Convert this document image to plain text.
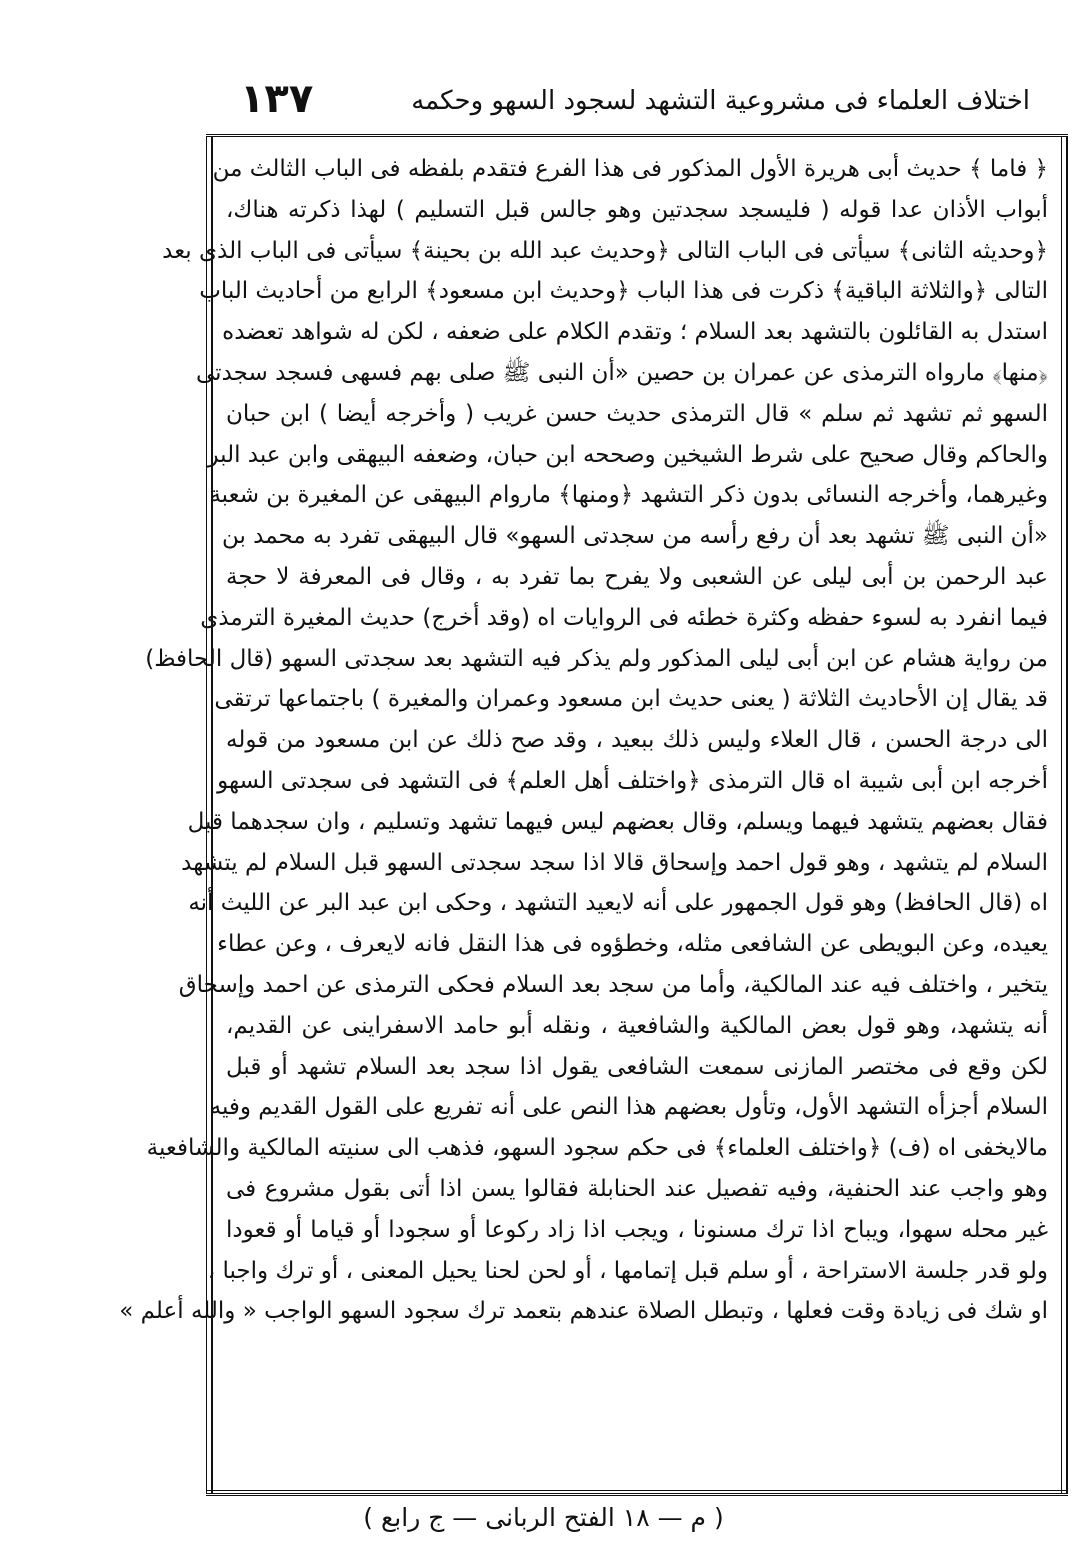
اختلاف العلماء فى مشروعية التشهد لسجود السهو وحكمه
١٣٧
﴿ فاما ﴾ حديث أبى هريرة الأول المذكور فى هذا الفرع فتقدم بلفظه فى الباب الثالث من
أبواب الأذان عدا قوله ( فليسجد سجدتين وهو جالس قبل التسليم ) لهذا ذكرته هناك،
﴿وحديثه الثانى﴾ سيأتى فى الباب التالى ﴿وحديث عبد الله بن بحينة﴾ سيأتى فى الباب الذى بعد
التالى ﴿والثلاثة الباقية﴾ ذكرت فى هذا الباب ﴿وحديث ابن مسعود﴾ الرابع من أحاديث الباب
استدل به القائلون بالتشهد بعد السلام ؛ وتقدم الكلام على ضعفه ، لكن له شواهد تعضده
﴿منها﴾ مارواه الترمذى عن عمران بن حصين «أن النبى ﷺ صلى بهم فسهى فسجد سجدتى
السهو ثم تشهد ثم سلم » قال الترمذى حديث حسن غريب ( وأخرجه أيضا ) ابن حبان
والحاكم وقال صحيح على شرط الشيخين وصححه ابن حبان، وضعفه البيهقى وابن عبد البر
وغيرهما، وأخرجه النسائى بدون ذكر التشهد ﴿ومنها﴾ ماروام البيهقى عن المغيرة بن شعبة
«أن النبى ﷺ تشهد بعد أن رفع رأسه من سجدتى السهو» قال البيهقى تفرد به محمد بن
عبد الرحمن بن أبى ليلى عن الشعبى ولا يفرح بما تفرد به ، وقال فى المعرفة لا حجة
فيما انفرد به لسوء حفظه وكثرة خطئه فى الروايات اه (وقد أخرج) حديث المغيرة الترمذى
من رواية هشام عن ابن أبى ليلى المذكور ولم يذكر فيه التشهد بعد سجدتى السهو (قال الحافظ)
قد يقال إن الأحاديث الثلاثة ( يعنى حديث ابن مسعود وعمران والمغيرة ) باجتماعها ترتقى
الى درجة الحسن ، قال العلاء وليس ذلك ببعيد ، وقد صح ذلك عن ابن مسعود من قوله
أخرجه ابن أبى شيبة اه قال الترمذى ﴿واختلف أهل العلم﴾ فى التشهد فى سجدتى السهو
فقال بعضهم يتشهد فيهما ويسلم، وقال بعضهم ليس فيهما تشهد وتسليم ، وان سجدهما قبل
السلام لم يتشهد ، وهو قول احمد وإسحاق قالا اذا سجد سجدتى السهو قبل السلام لم يتشهد
اه (قال الحافظ) وهو قول الجمهور على أنه لايعيد التشهد ، وحكى ابن عبد البر عن الليث أنه
يعيده، وعن البويطى عن الشافعى مثله، وخطؤوه فى هذا النقل فانه لايعرف ، وعن عطاء
يتخير ، واختلف فيه عند المالكية، وأما من سجد بعد السلام فحكى الترمذى عن احمد وإسحاق
أنه يتشهد، وهو قول بعض المالكية والشافعية ، ونقله أبو حامد الاسفراينى عن القديم،
لكن وقع فى مختصر المازنى سمعت الشافعى يقول اذا سجد بعد السلام تشهد أو قبل
السلام أجزأه التشهد الأول، وتأول بعضهم هذا النص على أنه تفريع على القول القديم وفيه
مالايخفى اه (ف) ﴿واختلف العلماء﴾ فى حكم سجود السهو، فذهب الى سنيته المالكية والشافعية
وهو واجب عند الحنفية، وفيه تفصيل عند الحنابلة فقالوا يسن اذا أتى بقول مشروع فى
غير محله سهوا، ويباح اذا ترك مسنونا ، ويجب اذا زاد ركوعا أو سجودا أو قياما أو قعودا
ولو قدر جلسة الاستراحة ، أو سلم قبل إتمامها ، أو لحن لحنا يحيل المعنى ، أو ترك واجبا ،
او شك فى زيادة وقت فعلها ، وتبطل الصلاة عندهم بتعمد ترك سجود السهو الواجب « والله أعلم »
( م — ١٨ الفتح الربانى — ج رابع )
